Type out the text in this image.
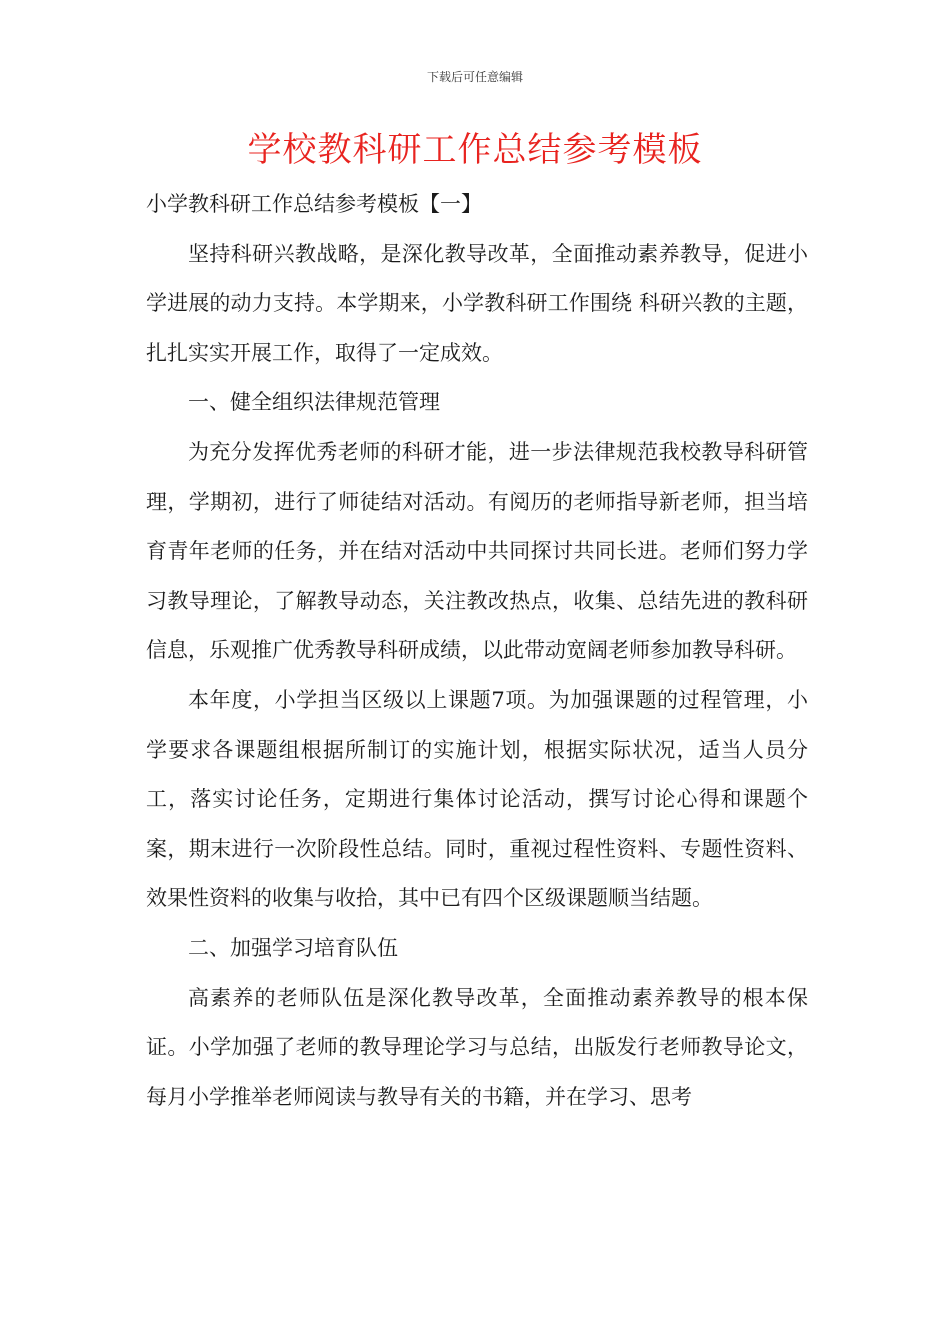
下载后可任意编辑
学校教科研工作总结参考模板

小学教科研工作总结参考模板【一】

坚持科研兴教战略，是深化教导改革，全面推动素养教导，促进小学进展的动力支持。本学期来，小学教科研工作围绕 科研兴教的主题，扎扎实实开展工作，取得了一定成效。

一、健全组织法律规范管理

为充分发挥优秀老师的科研才能，进一步法律规范我校教导科研管理，学期初，进行了师徒结对活动。有阅历的老师指导新老师，担当培育青年老师的任务，并在结对活动中共同探讨共同长进。老师们努力学习教导理论，了解教导动态，关注教改热点，收集、总结先进的教科研信息，乐观推广优秀教导科研成绩，以此带动宽阔老师参加教导科研。

本年度，小学担当区级以上课题7项。为加强课题的过程管理，小学要求各课题组根据所制订的实施计划，根据实际状况，适当人员分工，落实讨论任务，定期进行集体讨论活动，撰写讨论心得和课题个案，期末进行一次阶段性总结。同时，重视过程性资料、专题性资料、效果性资料的收集与收拾，其中已有四个区级课题顺当结题。

二、加强学习培育队伍

高素养的老师队伍是深化教导改革，全面推动素养教导的根本保证。小学加强了老师的教导理论学习与总结，出版发行老师教导论文，每月小学推举老师阅读与教导有关的书籍，并在学习、思考
